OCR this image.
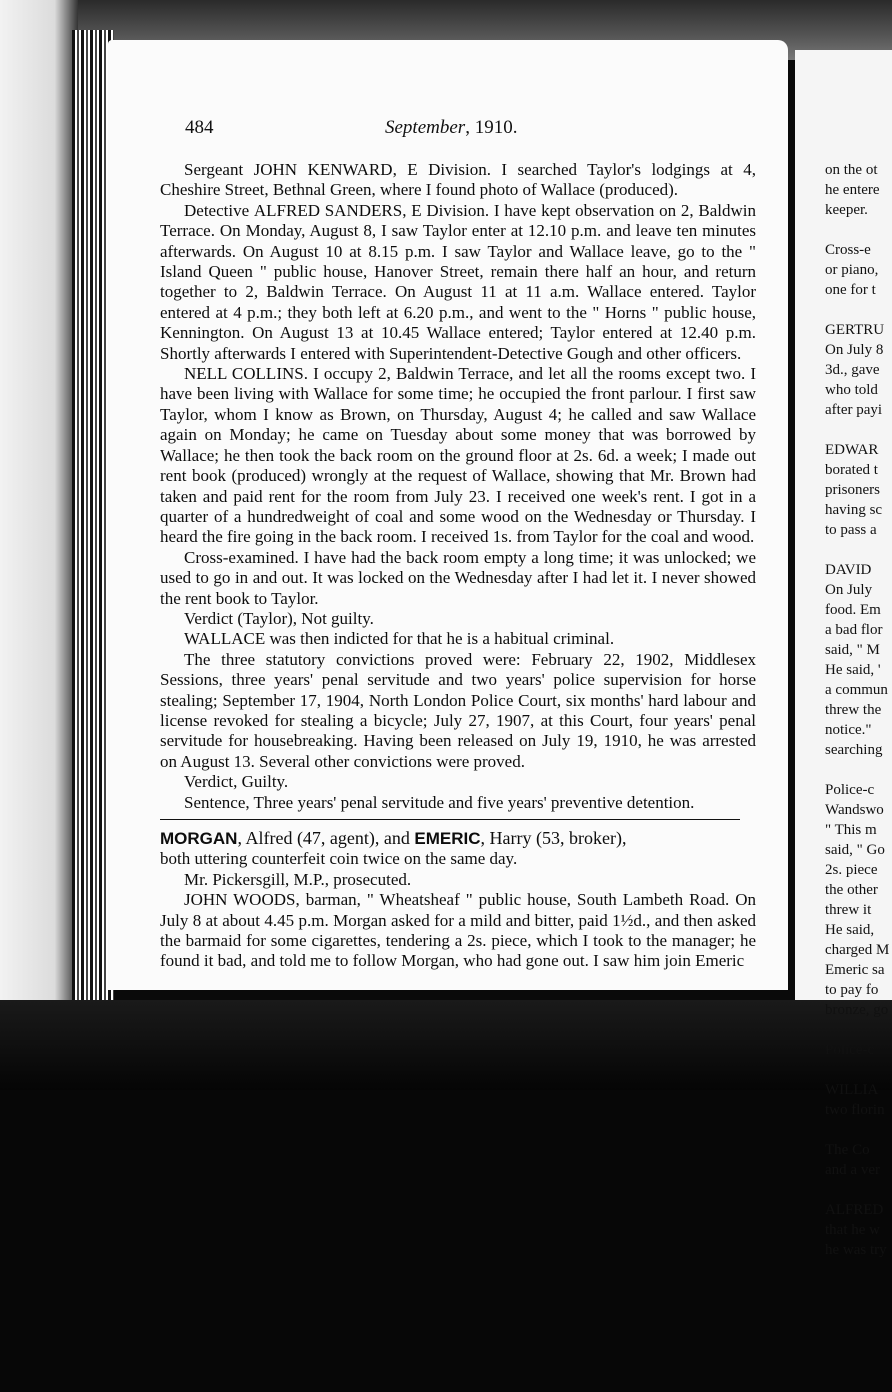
484	September, 1910.

Sergeant JOHN KENWARD, E Division. I searched Taylor's lodgings at 4, Cheshire Street, Bethnal Green, where I found photo of Wallace (produced).

Detective ALFRED SANDERS, E Division. I have kept observation on 2, Baldwin Terrace. On Monday, August 8, I saw Taylor enter at 12.10 p.m. and leave ten minutes afterwards. On August 10 at 8.15 p.m. I saw Taylor and Wallace leave, go to the " Island Queen " public house, Hanover Street, remain there half an hour, and return together to 2, Baldwin Terrace. On August 11 at 11 a.m. Wallace entered. Taylor entered at 4 p.m.; they both left at 6.20 p.m., and went to the " Horns " public house, Kennington. On August 13 at 10.45 Wallace entered; Taylor entered at 12.40 p.m. Shortly afterwards I entered with Superintendent-Detective Gough and other officers.

NELL COLLINS. I occupy 2, Baldwin Terrace, and let all the rooms except two. I have been living with Wallace for some time; he occupied the front parlour. I first saw Taylor, whom I know as Brown, on Thursday, August 4; he called and saw Wallace again on Monday; he came on Tuesday about some money that was borrowed by Wallace; he then took the back room on the ground floor at 2s. 6d. a week; I made out rent book (produced) wrongly at the request of Wallace, showing that Mr. Brown had taken and paid rent for the room from July 23. I received one week's rent. I got in a quarter of a hundredweight of coal and some wood on the Wednesday or Thursday. I heard the fire going in the back room. I received 1s. from Taylor for the coal and wood.

Cross-examined. I have had the back room empty a long time; it was unlocked; we used to go in and out. It was locked on the Wednesday after I had let it. I never showed the rent book to Taylor.

Verdict (Taylor), Not guilty.

WALLACE was then indicted for that he is a habitual criminal.

The three statutory convictions proved were: February 22, 1902, Middlesex Sessions, three years' penal servitude and two years' police supervision for horse stealing; September 17, 1904, North London Police Court, six months' hard labour and license revoked for stealing a bicycle; July 27, 1907, at this Court, four years' penal servitude for housebreaking. Having been released on July 19, 1910, he was arrested on August 13. Several other convictions were proved.

Verdict, Guilty.

Sentence, Three years' penal servitude and five years' preventive detention.

MORGAN, Alfred (47, agent), and EMERIC, Harry (53, broker),

both uttering counterfeit coin twice on the same day.

Mr. Pickersgill, M.P., prosecuted.

JOHN WOODS, barman, " Wheatsheaf " public house, South Lambeth Road. On July 8 at about 4.45 p.m. Morgan asked for a mild and bitter, paid 1½d., and then asked the barmaid for some cigarettes, tendering a 2s. piece, which I took to the manager; he found it bad, and told me to follow Morgan, who had gone out. I saw him join Emeric

on the ot
he entere
keeper.
Cross-e
or piano,
one for t
GERTRU
On July 8
3d., gave
who told
after payi
EDWAR
borated t
prisoners
having sc
to pass a
DAVID
On July
food. Em
a bad flor
said, " M
He said, '
a commun
threw the
notice."
searching
Police-c
Wandswo
" This m
said, " Go
2s. piece
the other
threw it
He said,
charged M
Emeric sa
to pay fo
bronze, go
Police-c
WILLIA
two florin
The Co
and a ver
ALFRED
that he w
he was try
